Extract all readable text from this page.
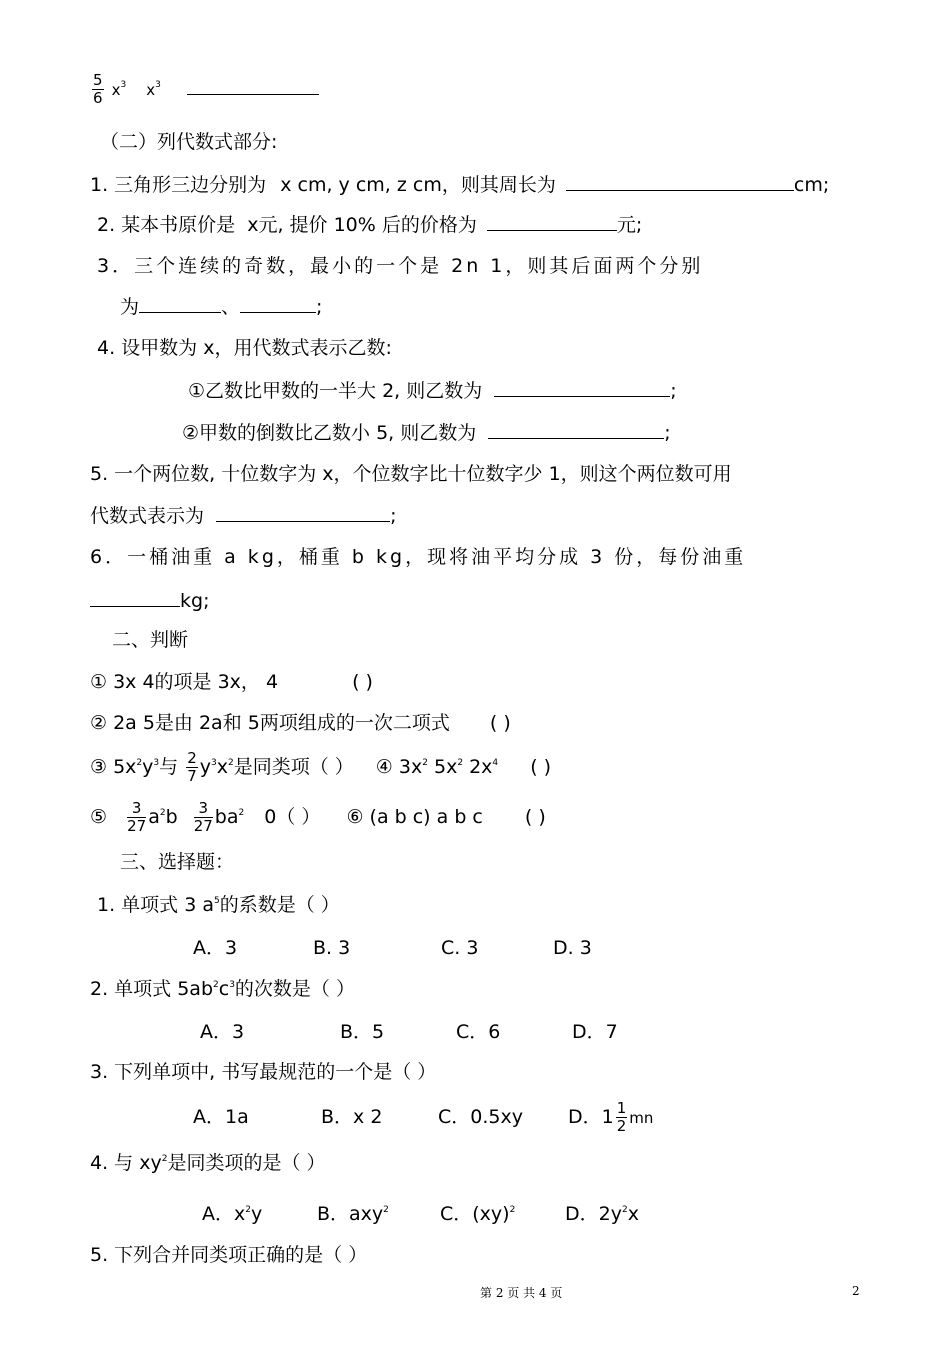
$\frac{5}{6} x^3$ $x^3$
（二）列代数式部分:
1. 三角形三边分别为 x cm, y cm, z cm，则其周长为	cm;
2. 某本书原价是 x元, 提价 10% 后的价格为	元;
3．三个连续的奇数，最小的一个是 2n 1，则其后面两个分别
为	、	;
4. 设甲数为 x，用代数式表示乙数:
①乙数比甲数的一半大 2, 则乙数为	;
②甲数的倒数比乙数小 5, 则乙数为	;
5. 一个两位数, 十位数字为 x，个位数字比十位数字少 1，则这个两位数可用
代数式表示为	;
6．一桶油重 a kg，桶重 b kg，现将油平均分成 3 份，每份油重
kg;
二、判断
① 3x 4的项是 3x， 4	( )
② 2a 5是由 2a和 5两项组成的一次二项式 ( )
③ $5x^2y^3$与 $\frac{2}{7} y^3x^2$是同类项（ ） ④ $3x^2$ $5x^2$ $2x^4$ ( )
⑤ $\frac{3}{27} a^2b \frac{3}{27} ba^2$ 0（ ） ⑥ (a b c) a b c ( )
三、选择题：
1. 单项式 3 $a^5$的系数是（ ）
A．3	B. 3	C. 3	D. 3
2. 单项式 $5ab^2c^3$的次数是（ ）
A．3	B．5	C．6	D．7
3. 下列单项中, 书写最规范的一个是（ ）
A．1a	B．x 2	C．0.5xy D．$1 \frac{1}{2}$ mn
4. 与 $xy^2$是同类项的是（ ）
A．$x^2y$	B．axy$^2$	C．(xy)$^2$	D．$2y^2x$
5. 下列合并同类项正确的是（ ）
第 2 页 共 4 页	2
